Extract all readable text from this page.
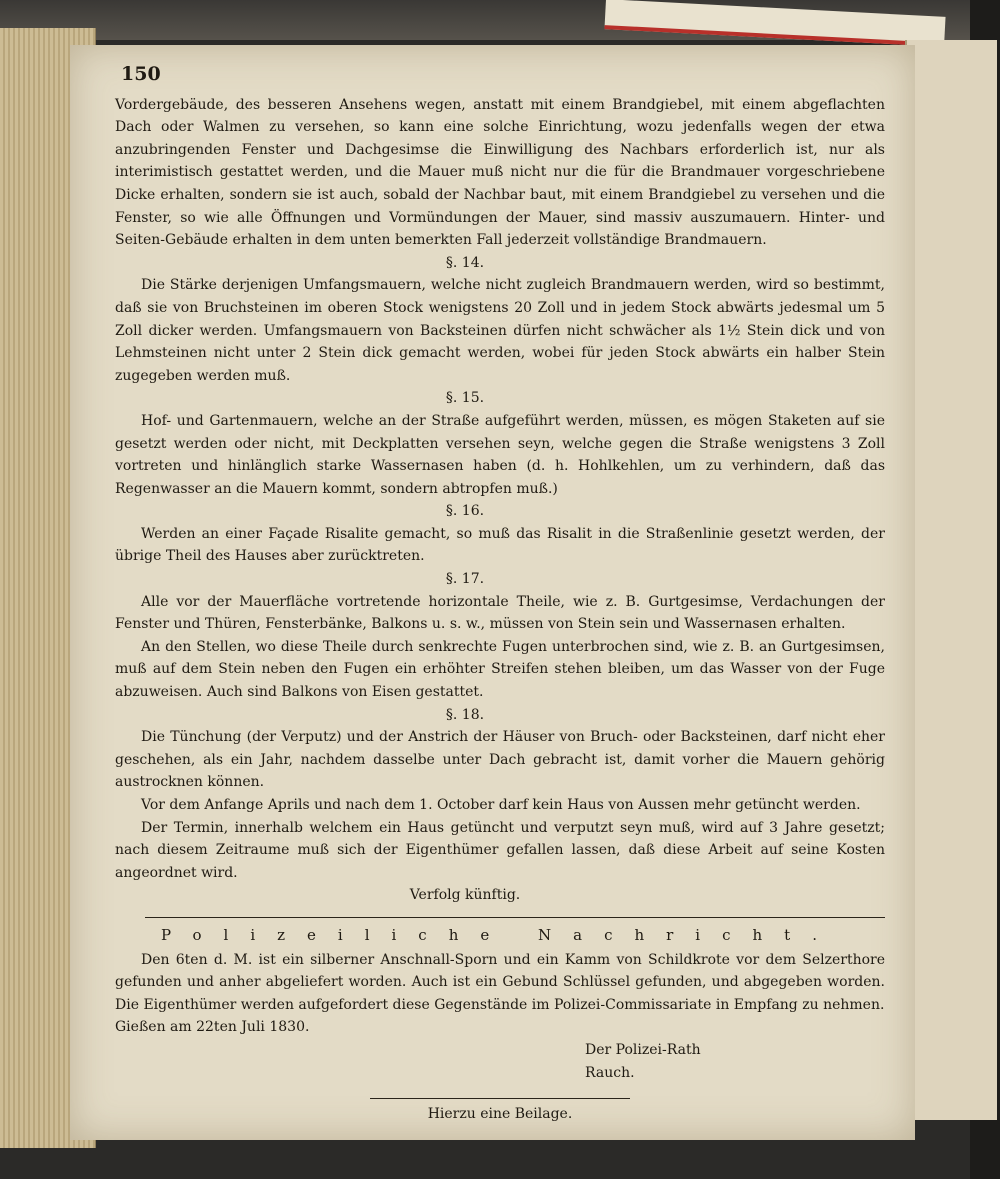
150

Vordergebäude, des besseren Ansehens wegen, anstatt mit einem Brandgiebel, mit einem abgeflachten Dach oder Walmen zu versehen, so kann eine solche Einrichtung, wozu jedenfalls wegen der etwa anzubringenden Fenster und Dachgesimse die Einwilligung des Nachbars erforderlich ist, nur als interimistisch gestattet werden, und die Mauer muß nicht nur die für die Brandmauer vorgeschriebene Dicke erhalten, sondern sie ist auch, sobald der Nachbar baut, mit einem Brandgiebel zu versehen und die Fenster, so wie alle Öffnungen und Vormündungen der Mauer, sind massiv auszumauern. Hinter- und Seiten-Gebäude erhalten in dem unten bemerkten Fall jederzeit vollständige Brandmauern.

§. 14.

Die Stärke derjenigen Umfangsmauern, welche nicht zugleich Brandmauern werden, wird so bestimmt, daß sie von Bruchsteinen im oberen Stock wenigstens 20 Zoll und in jedem Stock abwärts jedesmal um 5 Zoll dicker werden. Umfangsmauern von Backsteinen dürfen nicht schwächer als 1½ Stein dick und von Lehmsteinen nicht unter 2 Stein dick gemacht werden, wobei für jeden Stock abwärts ein halber Stein zugegeben werden muß.

§. 15.

Hof- und Gartenmauern, welche an der Straße aufgeführt werden, müssen, es mögen Staketen auf sie gesetzt werden oder nicht, mit Deckplatten versehen seyn, welche gegen die Straße wenigstens 3 Zoll vortreten und hinlänglich starke Wassernasen haben (d. h. Hohlkehlen, um zu verhindern, daß das Regenwasser an die Mauern kommt, sondern abtropfen muß.)

§. 16.

Werden an einer Façade Risalite gemacht, so muß das Risalit in die Straßenlinie gesetzt werden, der übrige Theil des Hauses aber zurücktreten.

§. 17.

Alle vor der Mauerfläche vortretende horizontale Theile, wie z. B. Gurtgesimse, Verdachungen der Fenster und Thüren, Fensterbänke, Balkons u. s. w., müssen von Stein sein und Wassernasen erhalten.

An den Stellen, wo diese Theile durch senkrechte Fugen unterbrochen sind, wie z. B. an Gurtgesimsen, muß auf dem Stein neben den Fugen ein erhöhter Streifen stehen bleiben, um das Wasser von der Fuge abzuweisen. Auch sind Balkons von Eisen gestattet.

§. 18.

Die Tünchung (der Verputz) und der Anstrich der Häuser von Bruch- oder Backsteinen, darf nicht eher geschehen, als ein Jahr, nachdem dasselbe unter Dach gebracht ist, damit vorher die Mauern gehörig austrocknen können.

Vor dem Anfange Aprils und nach dem 1. October darf kein Haus von Aussen mehr getüncht werden.

Der Termin, innerhalb welchem ein Haus getüncht und verputzt seyn muß, wird auf 3 Jahre gesetzt; nach diesem Zeitraume muß sich der Eigenthümer gefallen lassen, daß diese Arbeit auf seine Kosten angeordnet wird.

Verfolg künftig.

Polizeiliche Nachricht.

Den 6ten d. M. ist ein silberner Anschnall-Sporn und ein Kamm von Schildkrote vor dem Selzerthore gefunden und anher abgeliefert worden. Auch ist ein Gebund Schlüssel gefunden, und abgegeben worden. Die Eigenthümer werden aufgefordert diese Gegenstände im Polizei-Commissariate in Empfang zu nehmen.

Gießen am 22ten Juli 1830.

Der Polizei-Rath

Rauch.

Hierzu eine Beilage.
